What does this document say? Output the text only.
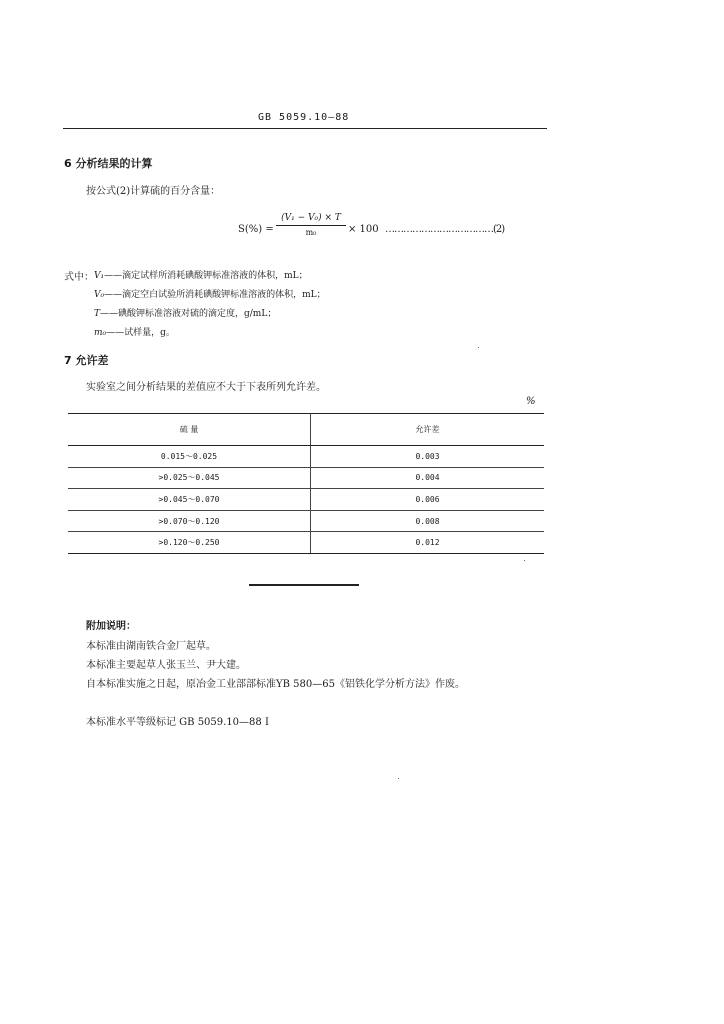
GB 5059.10—88
6 分析结果的计算
按公式(2)计算硫的百分含量：
S(%) =
(V₁ − V₀) × T
m₀	× 100 ………………………………(2)
式中： V₁——滴定试样所消耗碘酸钾标准溶液的体积，mL；
V₀——滴定空白试验所消耗碘酸钾标准溶液的体积，mL；
T——碘酸钾标准溶液对硫的滴定度，g/mL；
m₀——试样量，g。
7 允许差
实验室之间分析结果的差值应不大于下表所列允许差。
%
硫 量	允许差
0.015～0.025	0.003
>0.025～0.045	0.004
>0.045～0.070	0.006
>0.070～0.120	0.008
>0.120～0.250	0.012
附加说明：
本标准由湖南铁合金厂起草。
本标准主要起草人张玉兰、尹大建。
自本标准实施之日起，原冶金工业部部标准YB 580—65《铝铁化学分析方法》作废。
本标准水平等级标记 GB 5059.10—88 I
